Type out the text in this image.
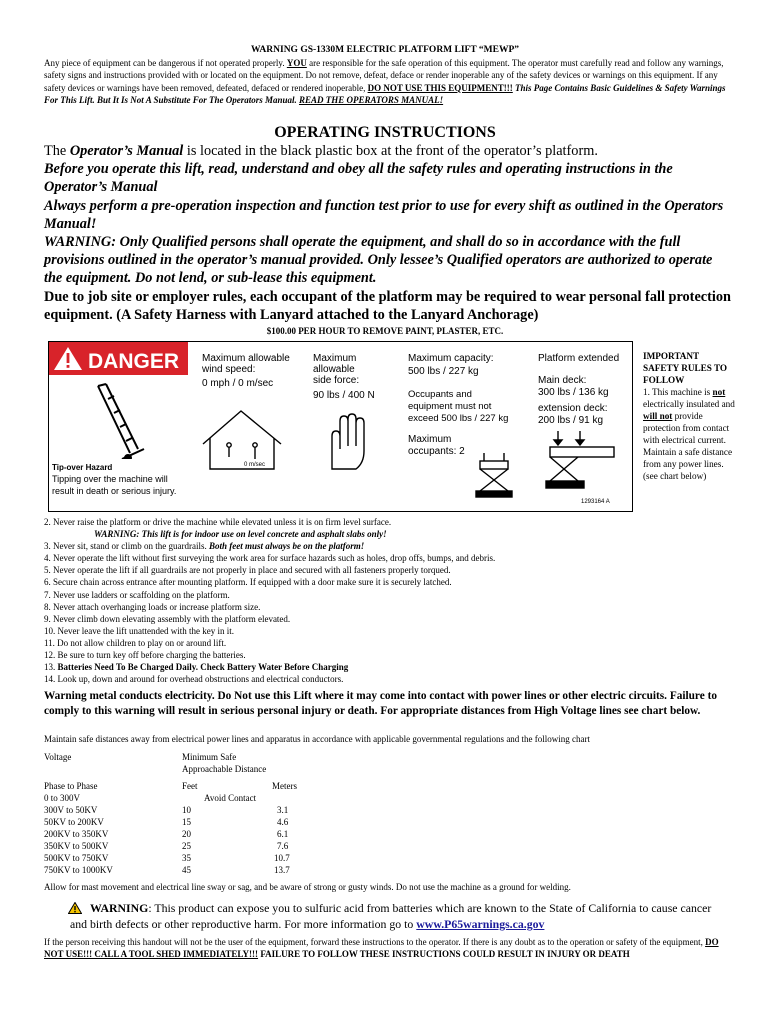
WARNING GS-1330M ELECTRIC PLATFORM LIFT “MEWP”
Any piece of equipment can be dangerous if not operated properly. YOU are responsible for the safe operation of this equipment. The operator must carefully read and follow any warnings, safety signs and instructions provided with or located on the equipment. Do not remove, defeat, deface or render inoperable any of the safety devices or warnings on this equipment. If any safety devices or warnings have been removed, defeated, defaced or rendered inoperable, DO NOT USE THIS EQUIPMENT!!! This Page Contains Basic Guidelines & Safety Warnings For This Lift. But It Is Not A Substitute For The Operators Manual. READ THE OPERATORS MANUAL!
OPERATING INSTRUCTIONS

The Operator’s Manual is located in the black plastic box at the front of the operator’s platform.

Before you operate this lift, read, understand and obey all the safety rules and operating instructions in the Operator’s Manual

Always perform a pre-operation inspection and function test prior to use for every shift as outlined in the Operators Manual!

WARNING: Only Qualified persons shall operate the equipment, and shall do so in accordance with the full provisions outlined in the operator’s manual provided. Only lessee’s Qualified operators are authorized to operate the equipment. Do not lend, or sub-lease this equipment.

Due to job site or employer rules, each occupant of the platform may be required to wear personal fall protection equipment. (A Safety Harness with Lanyard attached to the Lanyard Anchorage)

$100.00 PER HOUR TO REMOVE PAINT, PLASTER, ETC.
DANGER
Tip-over Hazard
Tipping over the machine will
result in death or serious injury.
Maximum allowable
wind speed:
0 mph / 0 m/sec
0 m/sec
Maximum
allowable
side force:
90 lbs / 400 N
Maximum capacity:
500 lbs / 227 kg
Occupants and
equipment must not
exceed 500 lbs / 227 kg
Maximum
occupants: 2
Platform extended
Main deck:
300 lbs / 136 kg
extension deck:
200 lbs / 91 kg
1293164 A
IMPORTANT SAFETY RULES TO FOLLOW
1. This machine is not electrically insulated and will not provide protection from contact with electrical current. Maintain a safe distance from any power lines. (see chart below)
2. Never raise the platform or drive the machine while elevated unless it is on firm level surface.
WARNING: This lift is for indoor use on level concrete and asphalt slabs only!
3. Never sit, stand or climb on the guardrails. Both feet must always be on the platform!
4. Never operate the lift without first surveying the work area for surface hazards such as holes, drop offs, bumps, and debris.
5. Never operate the lift if all guardrails are not properly in place and secured with all fasteners properly torqued.
6. Secure chain across entrance after mounting platform. If equipped with a door make sure it is securely latched.
7. Never use ladders or scaffolding on the platform.
8. Never attach overhanging loads or increase platform size.
9. Never climb down elevating assembly with the platform elevated.
10. Never leave the lift unattended with the key in it.
11. Do not allow children to play on or around lift.
12. Be sure to turn key off before charging the batteries.
13. Batteries Need To Be Charged Daily. Check Battery Water Before Charging
14. Look up, down and around for overhead obstructions and electrical conductors.
Warning metal conducts electricity. Do Not use this Lift where it may come into contact with power lines or other electric circuits. Failure to comply to this warning will result in serious personal injury or death. For appropriate distances from High Voltage lines see chart below.
Maintain safe distances away from electrical power lines and apparatus in accordance with applicable governmental regulations and the following chart
Voltage	Minimum Safe
Approachable Distance
Phase to Phase	Feet	Meters
0 to 300V	Avoid Contact
300V to 50KV	10	3.1
50KV to 200KV	15	4.6
200KV to 350KV	20	6.1
350KV to 500KV	25	7.6
500KV to 750KV	35	10.7
750KV to 1000KV	45	13.7
Allow for mast movement and electrical line sway or sag, and be aware of strong or gusty winds. Do not use the machine as a ground for welding.
WARNING: This product can expose you to sulfuric acid from batteries which are known to the State of California to cause cancer and birth defects or other reproductive harm. For more information go to www.P65warnings.ca.gov
If the person receiving this handout will not be the user of the equipment, forward these instructions to the operator. If there is any doubt as to the operation or safety of the equipment, DO NOT USE!!! CALL A TOOL SHED IMMEDIATELY!!! FAILURE TO FOLLOW THESE INSTRUCTIONS COULD RESULT IN INJURY OR DEATH
